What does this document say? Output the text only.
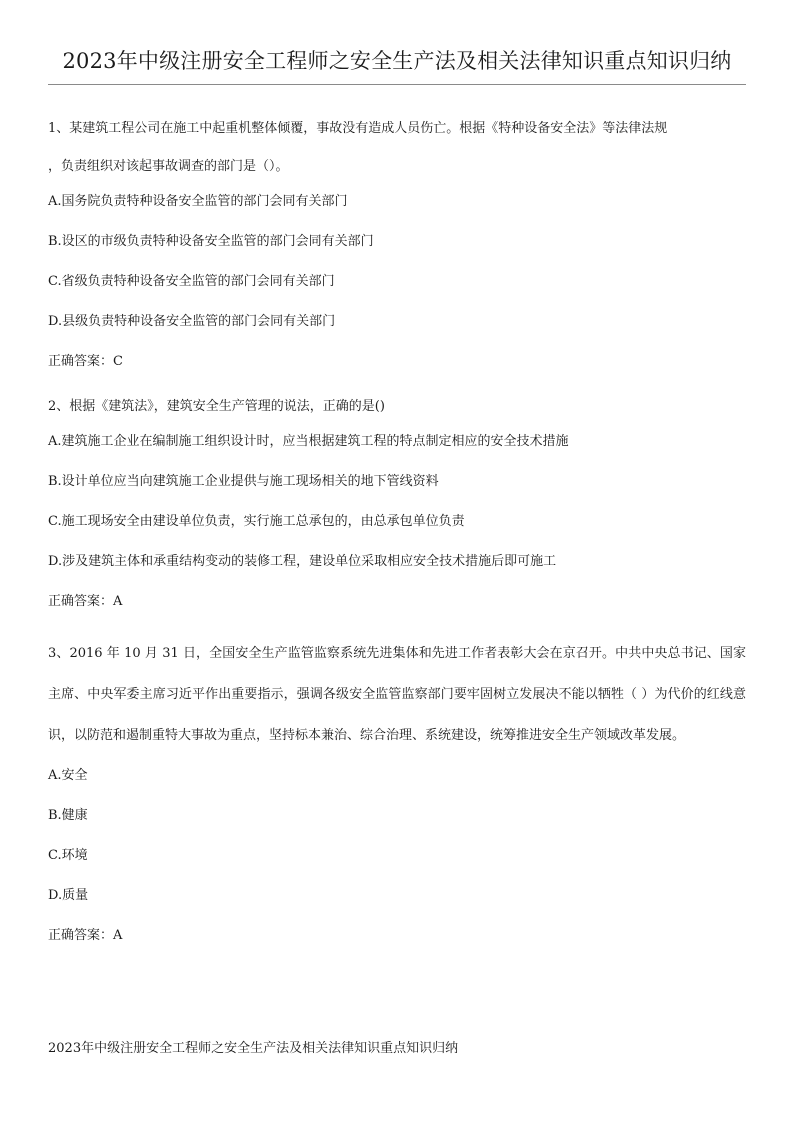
2023年中级注册安全工程师之安全生产法及相关法律知识重点知识归纳

1、某建筑工程公司在施工中起重机整体倾覆，事故没有造成人员伤亡。根据《特种设备安全法》等法律法规

，负责组织对该起事故调查的部门是（）。

A.国务院负责特种设备安全监管的部门会同有关部门

B.设区的市级负责特种设备安全监管的部门会同有关部门

C.省级负责特种设备安全监管的部门会同有关部门

D.县级负责特种设备安全监管的部门会同有关部门

正确答案：C

2、根据《建筑法》，建筑安全生产管理的说法，正确的是()

A.建筑施工企业在编制施工组织设计时，应当根据建筑工程的特点制定相应的安全技术措施

B.设计单位应当向建筑施工企业提供与施工现场相关的地下管线资料

C.施工现场安全由建设单位负责，实行施工总承包的，由总承包单位负责

D.涉及建筑主体和承重结构变动的装修工程，建设单位采取相应安全技术措施后即可施工

正确答案：A

3、2016 年 10 月 31 日，全国安全生产监管监察系统先进集体和先进工作者表彰大会在京召开。中共中央总书记、国家主席、中央军委主席习近平作出重要指示，强调各级安全监管监察部门要牢固树立发展决不能以牺牲（ ）为代价的红线意识，以防范和遏制重特大事故为重点，坚持标本兼治、综合治理、系统建设，统筹推进安全生产领域改革发展。

A.安全

B.健康

C.环境

D.质量

正确答案：A

2023年中级注册安全工程师之安全生产法及相关法律知识重点知识归纳
